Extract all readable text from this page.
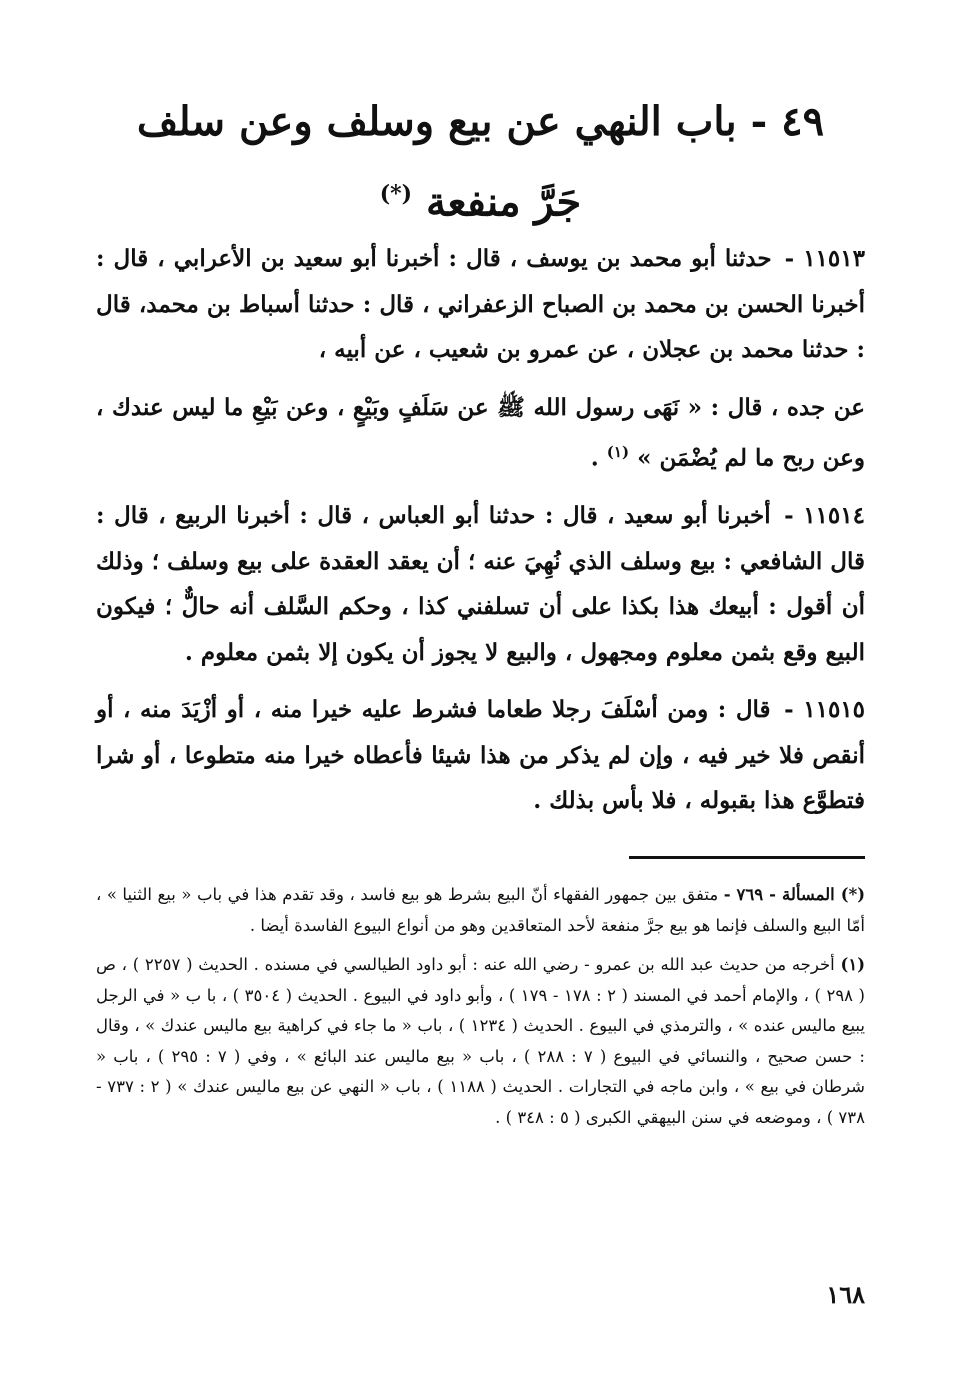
٤٩ - باب النهي عن بيع وسلف وعن سلف
جَرَّ منفعة (*)

١١٥١٣ - حدثنا أبو محمد بن يوسف ، قال : أخبرنا أبو سعيد بن الأعرابي ، قال : أخبرنا الحسن بن محمد بن الصباح الزعفراني ، قال : حدثنا أسباط بن محمد، قال : حدثنا محمد بن عجلان ، عن عمرو بن شعيب ، عن أبيه ،

عن جده ، قال : « نَهَى رسول الله ﷺ عن سَلَفٍ وبَيْعٍ ، وعن بَيْعِ ما ليس عندك ، وعن ربح ما لم يُضْمَن » $^{(١)}$ .

١١٥١٤ - أخبرنا أبو سعيد ، قال : حدثنا أبو العباس ، قال : أخبرنا الربيع ، قال : قال الشافعي : بيع وسلف الذي نُهِيَ عنه ؛ أن يعقد العقدة على بيع وسلف ؛ وذلك أن أقول : أبيعك هذا بكذا على أن تسلفني كذا ، وحكم السَّلف أنه حالٌّ ؛ فيكون البيع وقع بثمن معلوم ومجهول ، والبيع لا يجوز أن يكون إلا بثمن معلوم .

١١٥١٥ - قال : ومن أسْلَفَ رجلا طعاما فشرط عليه خيرا منه ، أو أزْيَدَ منه ، أو أنقص فلا خير فيه ، وإن لم يذكر من هذا شيئا فأعطاه خيرا منه متطوعا ، أو شرا فتطوَّع هذا بقبوله ، فلا بأس بذلك .

(*) المسألة - ٧٦٩ - متفق بين جمهور الفقهاء أنّ البيع بشرط هو بيع فاسد ، وقد تقدم هذا في باب « بيع الثنيا » ، أمّا البيع والسلف فإنما هو بيع جرَّ منفعة لأحد المتعاقدين وهو من أنواع البيوع الفاسدة أيضا .

(١) أخرجه من حديث عبد الله بن عمرو - رضي الله عنه : أبو داود الطيالسي في مسنده . الحديث ( ٢٢٥٧ ) ، ص ( ٢٩٨ ) ، والإمام أحمد في المسند ( ٢ : ١٧٨ - ١٧٩ ) ، وأبو داود في البيوع . الحديث ( ٣٥٠٤ ) ، با ب « في الرجل يبيع ماليس عنده » ، والترمذي في البيوع . الحديث ( ١٢٣٤ ) ، باب « ما جاء في كراهية بيع ماليس عندك » ، وقال : حسن صحيح ، والنسائي في البيوع ( ٧ : ٢٨٨ ) ، باب « بيع ماليس عند البائع » ، وفي ( ٧ : ٢٩٥ ) ، باب « شرطان في بيع » ، وابن ماجه في التجارات . الحديث ( ١١٨٨ ) ، باب « النهي عن بيع ماليس عندك » ( ٢ : ٧٣٧ - ٧٣٨ ) ، وموضعه في سنن البيهقي الكبرى ( ٥ : ٣٤٨ ) .

١٦٨
